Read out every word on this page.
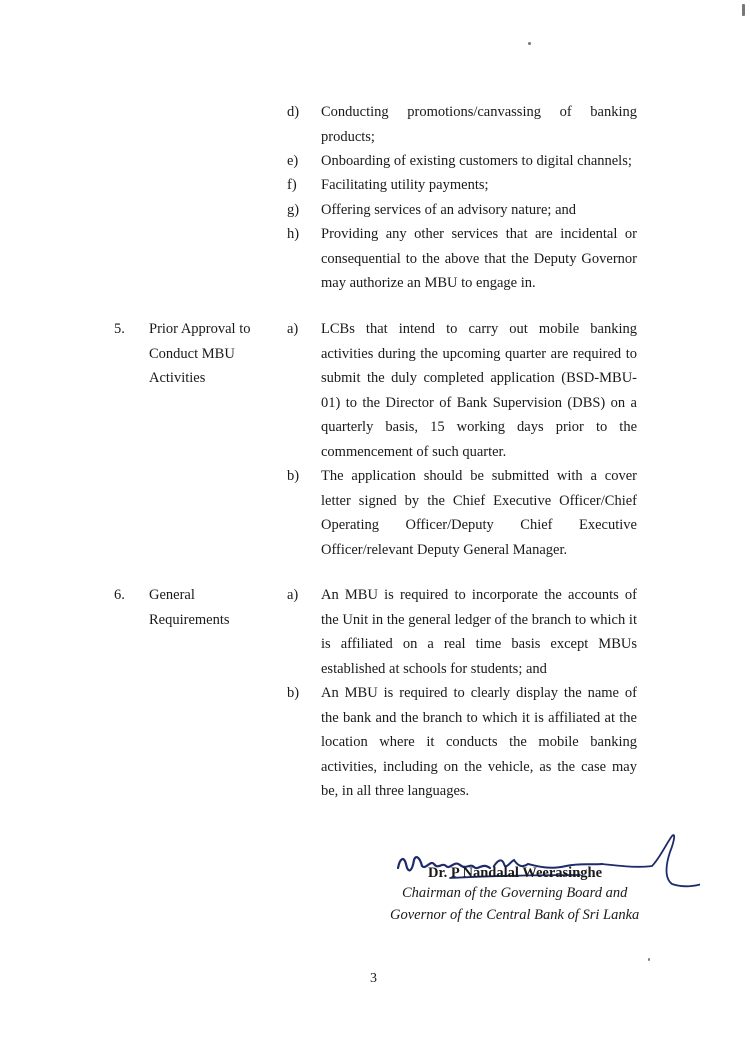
d) Conducting promotions/canvassing of banking products;

e) Onboarding of existing customers to digital channels;

f) Facilitating utility payments;

g) Offering services of an advisory nature; and

h) Providing any other services that are incidental or consequential to the above that the Deputy Governor may authorize an MBU to engage in.

5. Prior Approval to Conduct MBU Activities
a) LCBs that intend to carry out mobile banking activities during the upcoming quarter are required to submit the duly completed application (BSD-MBU-01) to the Director of Bank Supervision (DBS) on a quarterly basis, 15 working days prior to the commencement of such quarter.

b) The application should be submitted with a cover letter signed by the Chief Executive Officer/Chief Operating Officer/Deputy Chief Executive Officer/relevant Deputy General Manager.

6. General Requirements
a) An MBU is required to incorporate the accounts of the Unit in the general ledger of the branch to which it is affiliated on a real time basis except MBUs established at schools for students; and

b) An MBU is required to clearly display the name of the bank and the branch to which it is affiliated at the location where it conducts the mobile banking activities, including on the vehicle, as the case may be, in all three languages.

Dr. P Nandalal Weerasinghe
Chairman of the Governing Board and
Governor of the Central Bank of Sri Lanka
3
